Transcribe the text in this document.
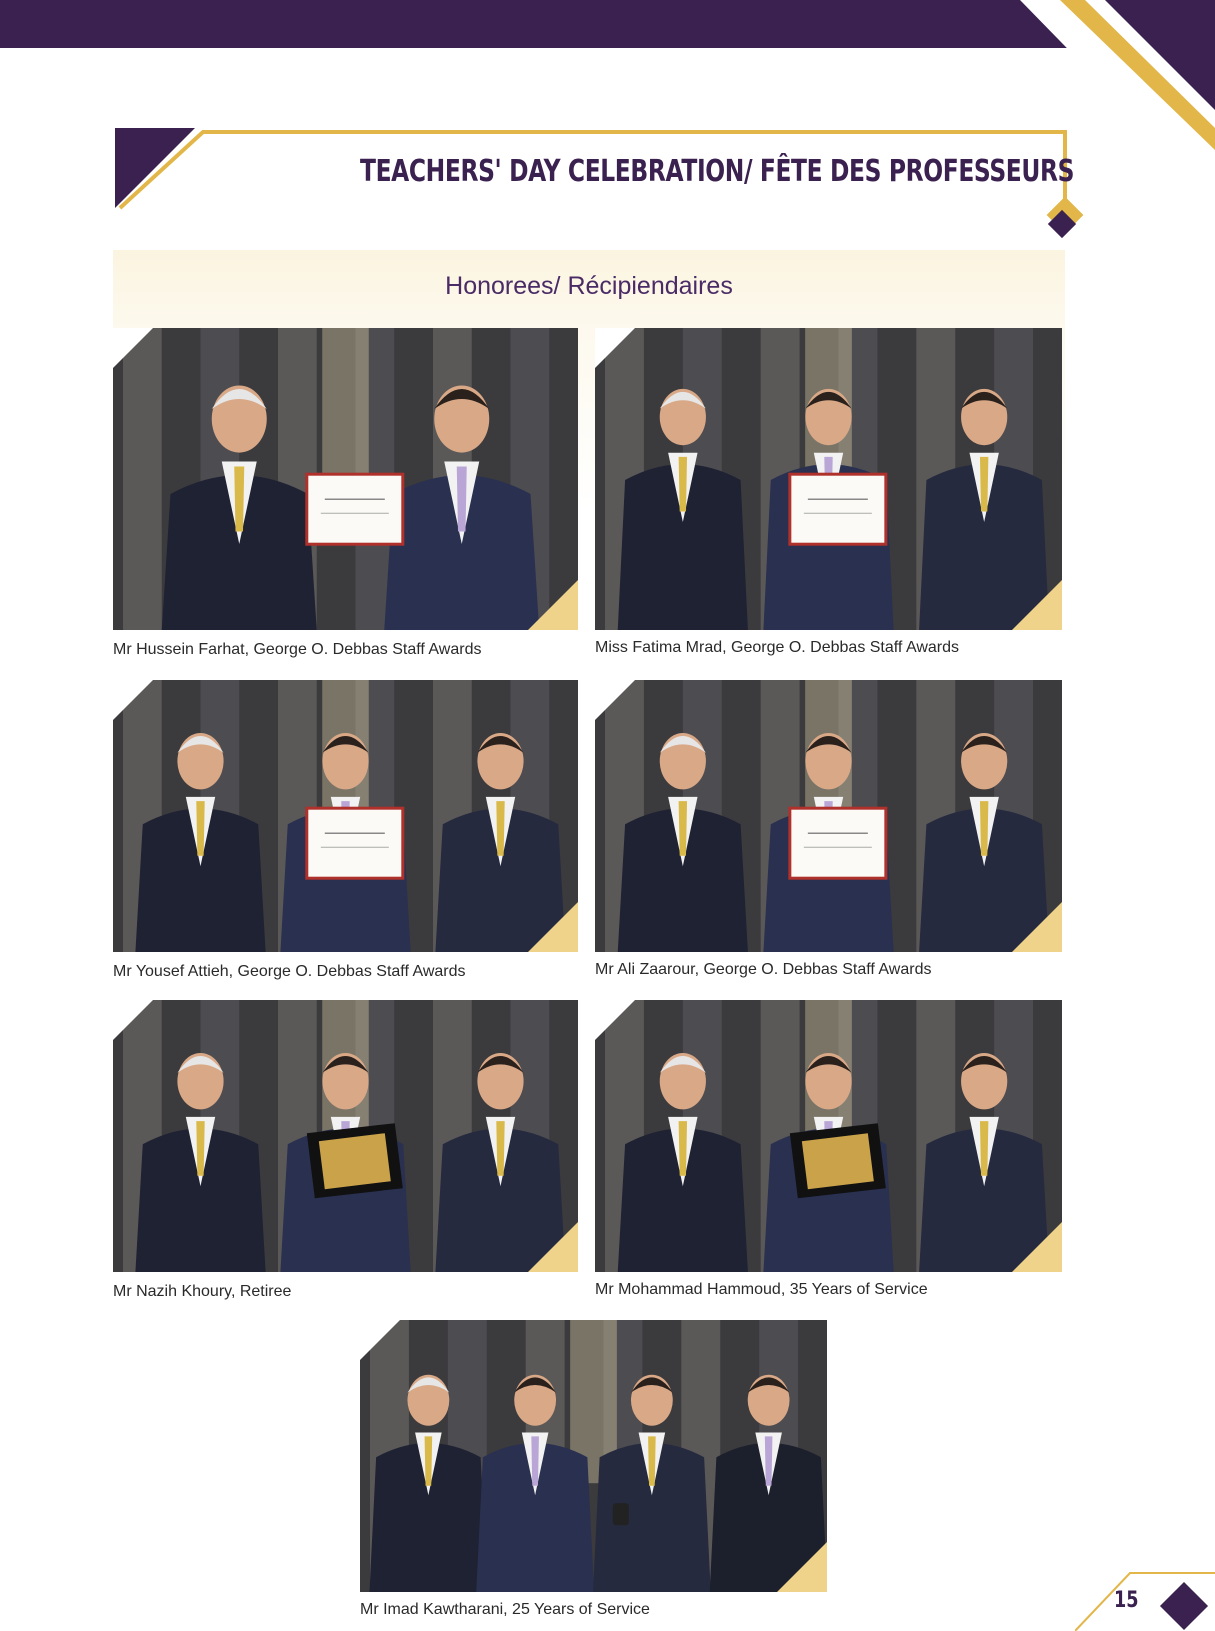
TEACHERS' DAY CELEBRATION/ FÊTE DES PROFESSEURS
Honorees/ Récipiendaires
Mr Hussein Farhat, George O. Debbas Staff Awards	Miss Fatima Mrad, George O. Debbas Staff Awards
Mr Yousef Attieh, George O. Debbas Staff Awards	Mr Ali Zaarour, George O. Debbas Staff Awards
Mr Nazih Khoury, Retiree	Mr Mohammad Hammoud, 35 Years of Service
Mr Imad Kawtharani, 25 Years of Service	15
